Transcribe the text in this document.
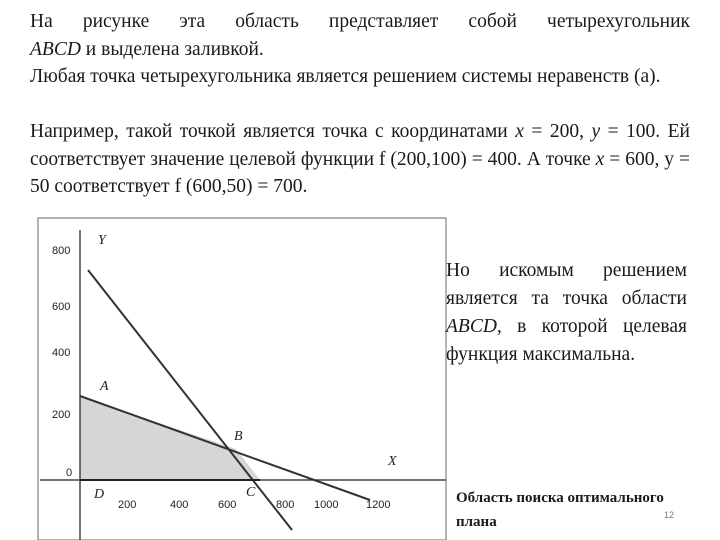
На рисунке эта область представляет собой четырехугольник
ABCD и выделена заливкой.
Любая точка четырехугольника является решением системы неравенств (а).
Например, такой точкой является точка с координатами x = 200, y = 100. Ей соответствует значение целевой функции f (200,100) = 400. А точке x = 600, у = 50 соответствует f (600,50) = 700.
800
600
400
200
0
200	400	600	800 1000	1200
Y
X
A
B
C
D
Но искомым решением является та точка области ABCD, в которой целевая функция максимальна.
Область поиска оптимального плана	12
